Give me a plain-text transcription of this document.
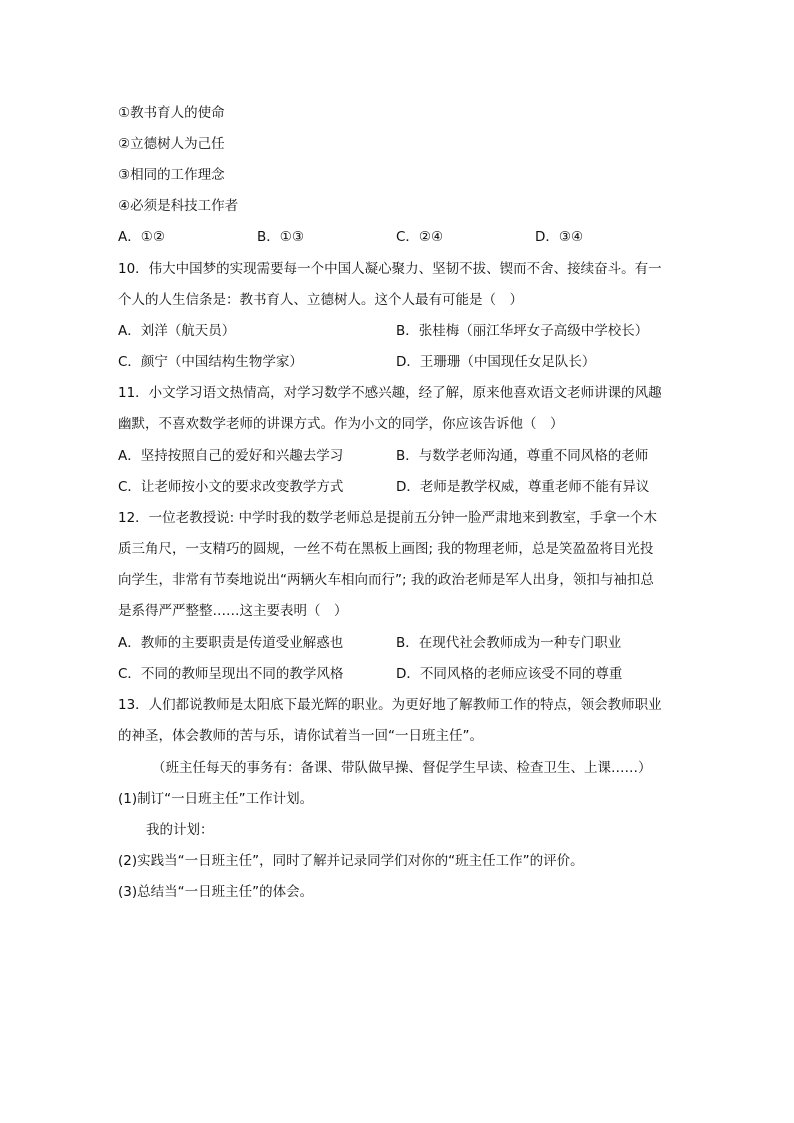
①教书育人的使命
②立德树人为己任
③相同的工作理念
④必须是科技工作者
A．①②	B．①③	C．②④	D．③④
10．伟大中国梦的实现需要每一个中国人凝心聚力、坚韧不拔、锲而不舍、接续奋斗。有一
个人的人生信条是：教书育人、立德树人。这个人最有可能是（　）
A．刘洋（航天员）	B．张桂梅（丽江华坪女子高级中学校长）
C．颜宁（中国结构生物学家）	D．王珊珊（中国现任女足队长）
11．小文学习语文热情高，对学习数学不感兴趣，经了解，原来他喜欢语文老师讲课的风趣
幽默，不喜欢数学老师的讲课方式。作为小文的同学，你应该告诉他（　）
A．坚持按照自己的爱好和兴趣去学习	B．与数学老师沟通，尊重不同风格的老师
C．让老师按小文的要求改变教学方式	D．老师是教学权威，尊重老师不能有异议
12．一位老教授说: 中学时我的数学老师总是提前五分钟一脸严肃地来到教室，手拿一个木
质三角尺，一支精巧的圆规，一丝不苟在黑板上画图; 我的物理老师，总是笑盈盈将目光投
向学生，非常有节奏地说出“两辆火车相向而行”; 我的政治老师是军人出身，领扣与袖扣总
是系得严严整整……这主要表明（　）
A．教师的主要职责是传道受业解惑也	B．在现代社会教师成为一种专门职业
C．不同的教师呈现出不同的教学风格	D．不同风格的老师应该受不同的尊重
13．人们都说教师是太阳底下最光辉的职业。为更好地了解教师工作的特点，领会教师职业
的神圣，体会教师的苦与乐，请你试着当一回“一日班主任”。
（班主任每天的事务有：备课、带队做早操、督促学生早读、检查卫生、上课……）
(1)制订“一日班主任”工作计划。
我的计划：
(2)实践当“一日班主任”，同时了解并记录同学们对你的“班主任工作”的评价。
(3)总结当“一日班主任”的体会。
